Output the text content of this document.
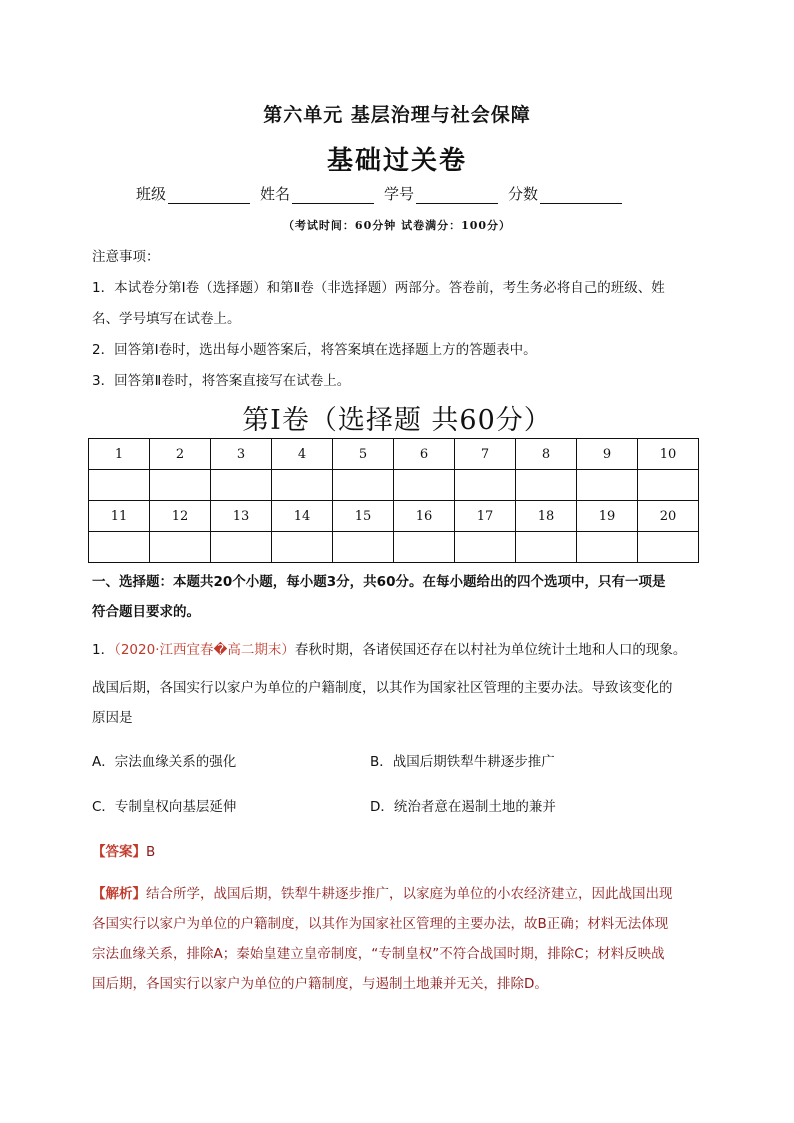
第六单元 基层治理与社会保障
基础过关卷
班级	姓名	学号	分数
（考试时间：60分钟 试卷满分：100分）
注意事项：
1．本试卷分第Ⅰ卷（选择题）和第Ⅱ卷（非选择题）两部分。答卷前，考生务必将自己的班级、姓
名、学号填写在试卷上。
2．回答第Ⅰ卷时，选出每小题答案后，将答案填在选择题上方的答题表中。
3．回答第Ⅱ卷时，将答案直接写在试卷上。
第Ⅰ卷（选择题 共60分）
1	2	3	4	5	6	7	8	9	10

11	12	13	14	15	16	17	18	19	20

一、选择题：本题共20个小题，每小题3分，共60分。在每小题给出的四个选项中，只有一项是
符合题目要求的。
1．（2020·江西宜春�高二期末）春秋时期，各诸侯国还存在以村社为单位统计土地和人口的现象。
战国后期，各国实行以家户为单位的户籍制度，以其作为国家社区管理的主要办法。导致该变化的
原因是
A．宗法血缘关系的强化	B．战国后期铁犁牛耕逐步推广
C．专制皇权向基层延伸	D．统治者意在遏制土地的兼并
【答案】B
【解析】结合所学，战国后期，铁犁牛耕逐步推广，以家庭为单位的小农经济建立，因此战国出现
各国实行以家户为单位的户籍制度，以其作为国家社区管理的主要办法，故B正确；材料无法体现
宗法血缘关系，排除A；秦始皇建立皇帝制度，“专制皇权”不符合战国时期，排除C；材料反映战
国后期，各国实行以家户为单位的户籍制度，与遏制土地兼并无关，排除D。
